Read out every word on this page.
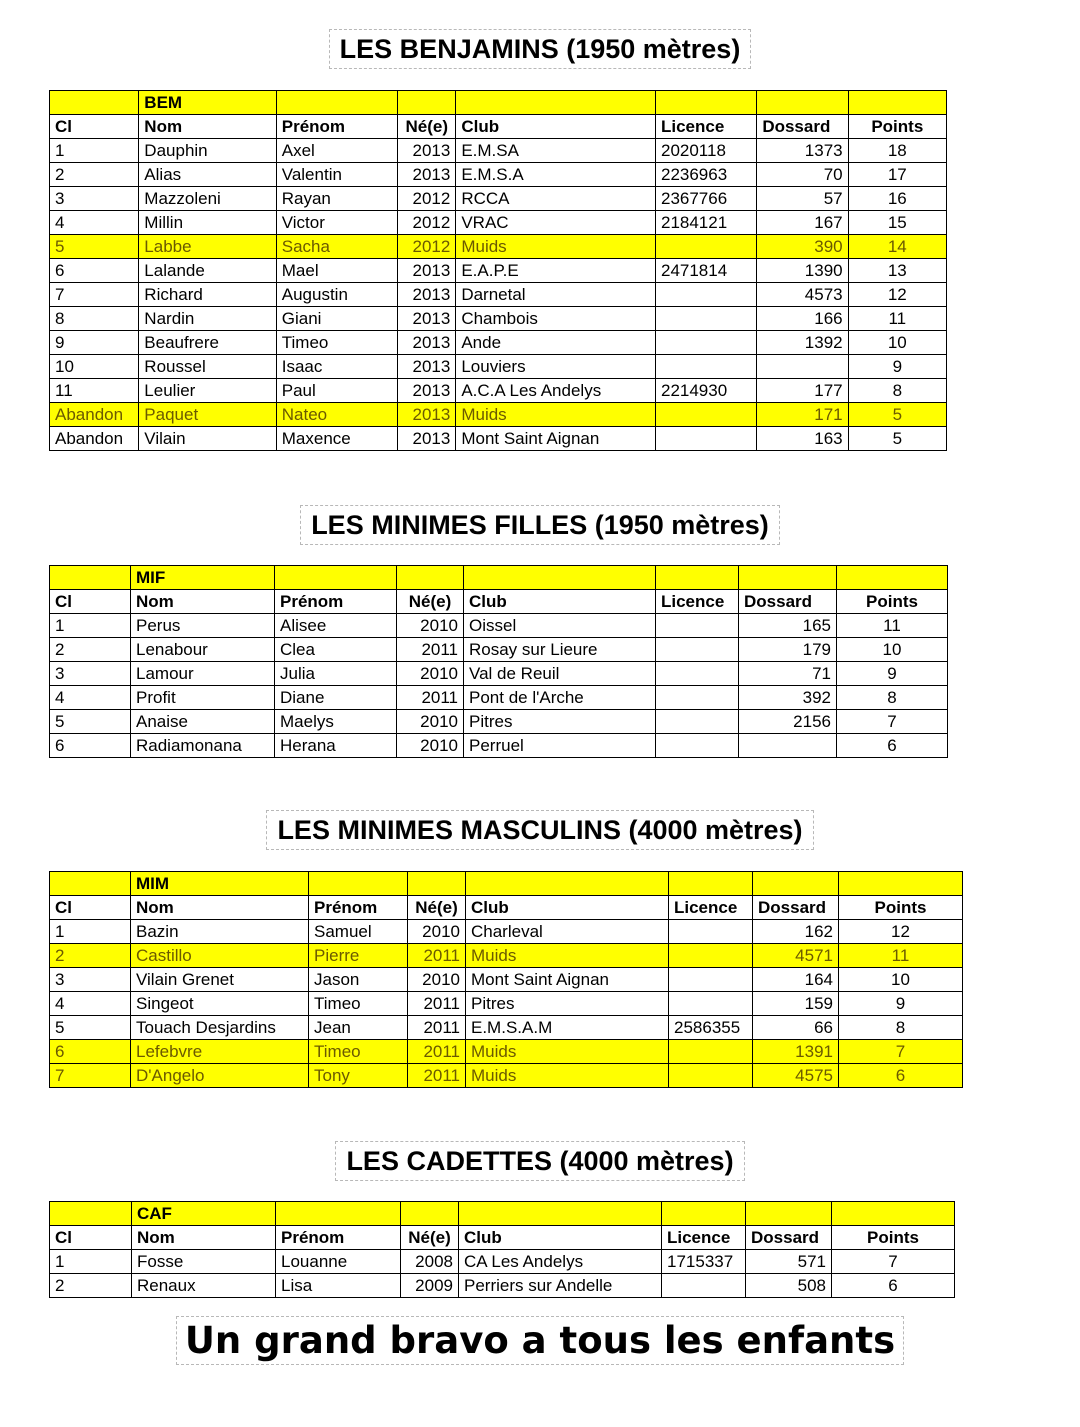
LES BENJAMINS (1950 mètres)
LES MINIMES FILLES (1950 mètres)
LES MINIMES MASCULINS (4000 mètres)
LES CADETTES (4000 mètres)
	BEM						
Cl	Nom	Prénom	Né(e)	Club	Licence	Dossard	Points
1	Dauphin	Axel	2013	E.M.SA	2020118	1373	18
2	Alias	Valentin	2013	E.M.S.A	2236963	70	17
3	Mazzoleni	Rayan	2012	RCCA	2367766	57	16
4	Millin	Victor	2012	VRAC	2184121	167	15
5	Labbe	Sacha	2012	Muids		390	14
6	Lalande	Mael	2013	E.A.P.E	2471814	1390	13
7	Richard	Augustin	2013	Darnetal		4573	12
8	Nardin	Giani	2013	Chambois		166	11
9	Beaufrere	Timeo	2013	Ande		1392	10
10	Roussel	Isaac	2013	Louviers			9
11	Leulier	Paul	2013	A.C.A Les Andelys	2214930	177	8
Abandon	Paquet	Nateo	2013	Muids		171	5
Abandon	Vilain	Maxence	2013	Mont Saint Aignan		163	5
	MIF						
Cl	Nom	Prénom	Né(e)	Club	Licence	Dossard	Points
1	Perus	Alisee	2010	Oissel		165	11
2	Lenabour	Clea	2011	Rosay sur Lieure		179	10
3	Lamour	Julia	2010	Val de Reuil		71	9
4	Profit	Diane	2011	Pont de l'Arche		392	8
5	Anaise	Maelys	2010	Pitres		2156	7
6	Radiamonana	Herana	2010	Perruel			6
	MIM						
Cl	Nom	Prénom	Né(e)	Club	Licence	Dossard	Points
1	Bazin	Samuel	2010	Charleval		162	12
2	Castillo	Pierre	2011	Muids		4571	11
3	Vilain Grenet	Jason	2010	Mont Saint Aignan		164	10
4	Singeot	Timeo	2011	Pitres		159	9
5	Touach Desjardins	Jean	2011	E.M.S.A.M	2586355	66	8
6	Lefebvre	Timeo	2011	Muids		1391	7
7	D'Angelo	Tony	2011	Muids		4575	6
	CAF						
Cl	Nom	Prénom	Né(e)	Club	Licence	Dossard	Points
1	Fosse	Louanne	2008	CA Les Andelys	1715337	571	7
2	Renaux	Lisa	2009	Perriers sur Andelle		508	6
Un grand bravo a tous les enfants
